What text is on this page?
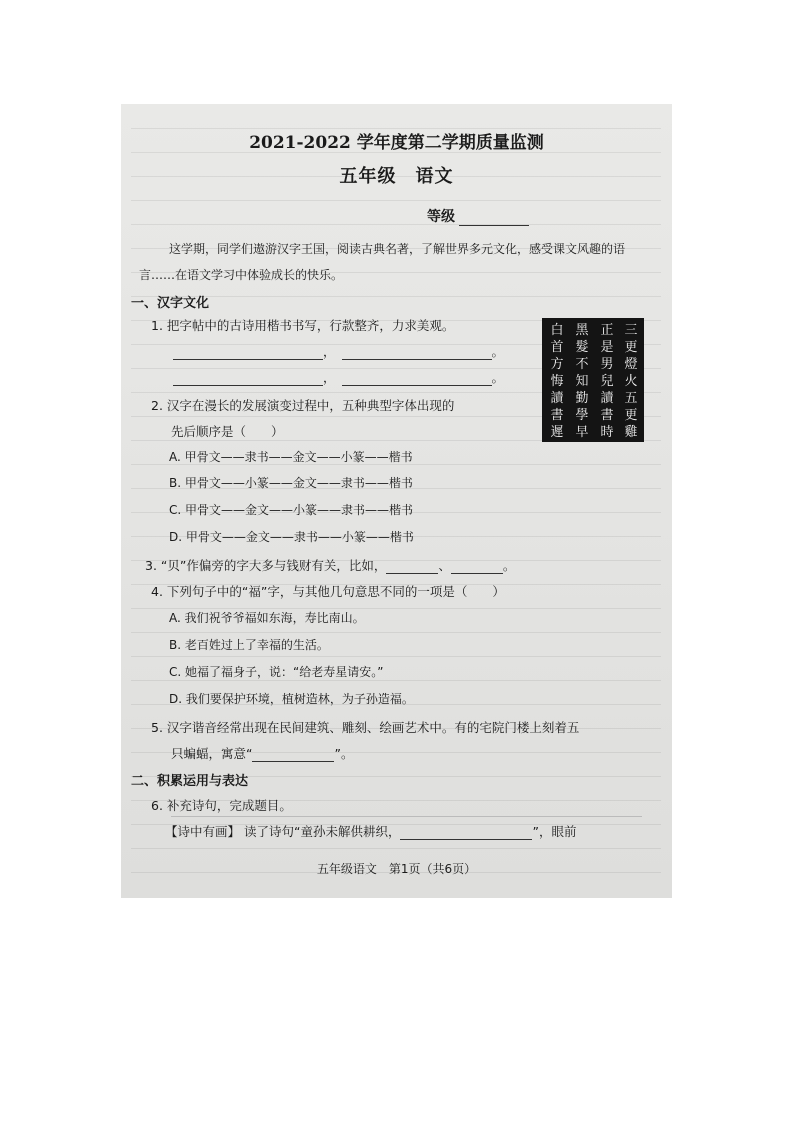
2021-2022 学年度第二学期质量监测
五年级　语文
等级
这学期，同学们遨游汉字王国，阅读古典名著，了解世界多元文化，感受课文风趣的语言……在语文学习中体验成长的快乐。
一、汉字文化
1. 把字帖中的古诗用楷书书写，行款整齐，力求美观。
，	。
，	。
三更燈火五更雞
正是男兒讀書時
黑髮不知勤學早
白首方悔讀書遲
2. 汉字在漫长的发展演变过程中，五种典型字体出现的
先后顺序是（　　）
A. 甲骨文——隶书——金文——小篆——楷书
B. 甲骨文——小篆——金文——隶书——楷书
C. 甲骨文——金文——小篆——隶书——楷书
D. 甲骨文——金文——隶书——小篆——楷书
3. “贝”作偏旁的字大多与钱财有关，比如，	、	。
4. 下列句子中的“福”字，与其他几句意思不同的一项是（　　）
A. 我们祝爷爷福如东海，寿比南山。
B. 老百姓过上了幸福的生活。
C. 她福了福身子，说：“给老寿星请安。”
D. 我们要保护环境，植树造林，为子孙造福。
5. 汉字谐音经常出现在民间建筑、雕刻、绘画艺术中。有的宅院门楼上刻着五
只蝙蝠，寓意“	”。
二、积累运用与表达
6. 补充诗句，完成题目。
【诗中有画】 读了诗句“童孙未解供耕织，	”，眼前
五年级语文　第1页（共6页）
